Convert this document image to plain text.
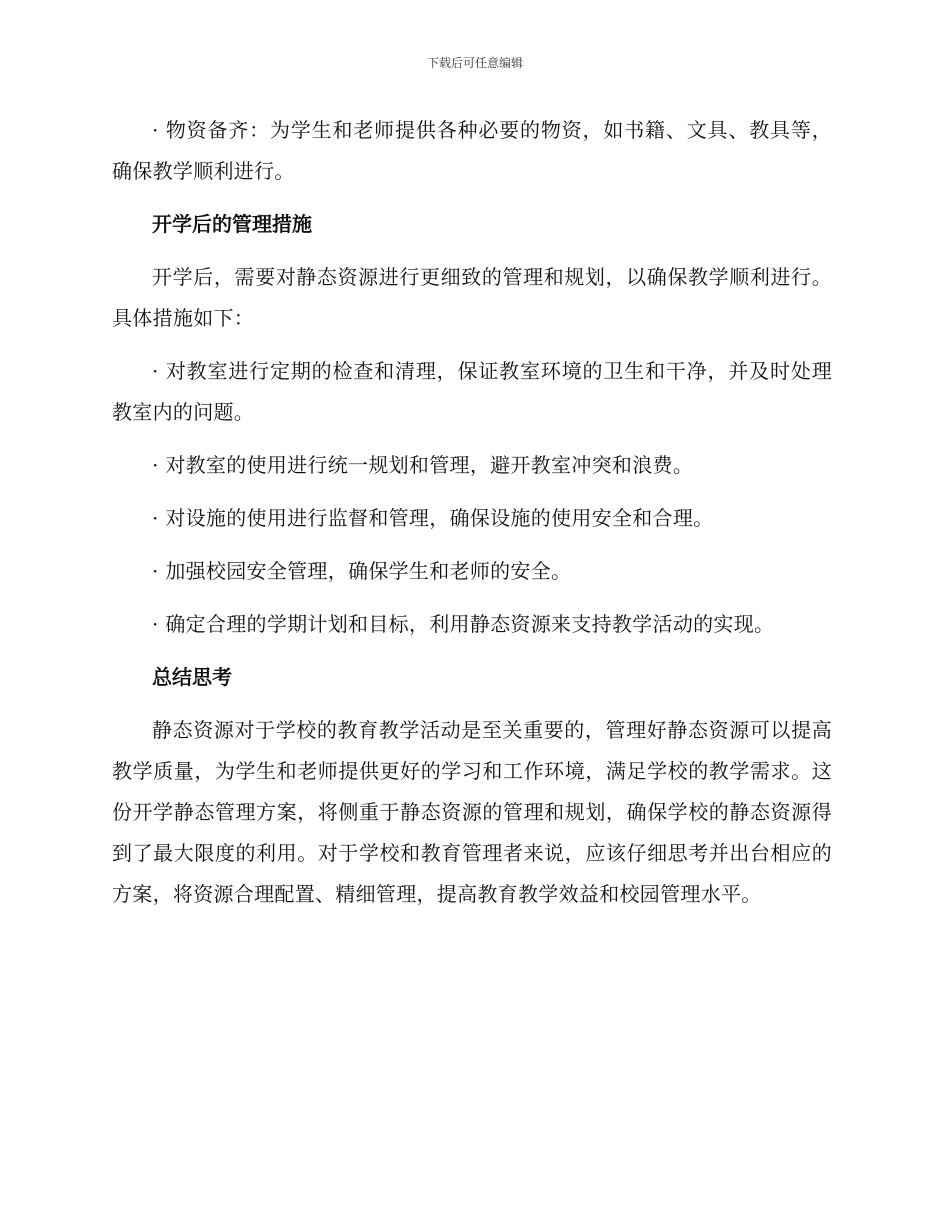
下载后可任意编辑

· 物资备齐：为学生和老师提供各种必要的物资，如书籍、文具、教具等，确保教学顺利进行。

开学后的管理措施

开学后，需要对静态资源进行更细致的管理和规划，以确保教学顺利进行。具体措施如下：

· 对教室进行定期的检查和清理，保证教室环境的卫生和干净，并及时处理教室内的问题。

· 对教室的使用进行统一规划和管理，避开教室冲突和浪费。

· 对设施的使用进行监督和管理，确保设施的使用安全和合理。

· 加强校园安全管理，确保学生和老师的安全。

· 确定合理的学期计划和目标，利用静态资源来支持教学活动的实现。

总结思考

静态资源对于学校的教育教学活动是至关重要的，管理好静态资源可以提高教学质量，为学生和老师提供更好的学习和工作环境，满足学校的教学需求。这份开学静态管理方案，将侧重于静态资源的管理和规划，确保学校的静态资源得到了最大限度的利用。对于学校和教育管理者来说，应该仔细思考并出台相应的方案，将资源合理配置、精细管理，提高教育教学效益和校园管理水平。
